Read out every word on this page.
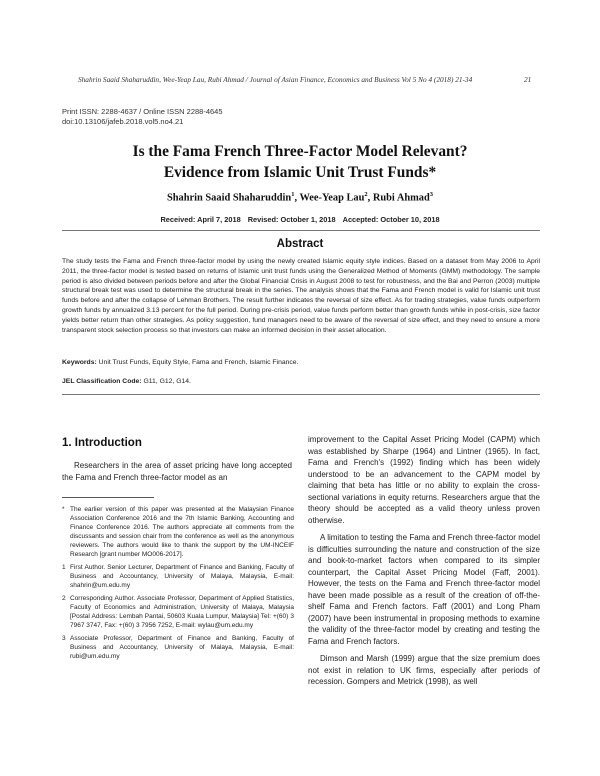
Shahrin Saaid Shaharuddin, Wee-Yeap Lau, Rubi Ahmad / Journal of Asian Finance, Economics and Business Vol 5 No 4 (2018) 21-34	21
Print ISSN: 2288-4637 / Online ISSN 2288-4645
doi:10.13106/jafeb.2018.vol5.no4.21
Is the Fama French Three-Factor Model Relevant?
Evidence from Islamic Unit Trust Funds*
Shahrin Saaid Shaharuddin$^1$, Wee-Yeap Lau$^2$, Rubi Ahmad$^3$
Received: April 7, 2018 Revised: October 1, 2018 Accepted: October 10, 2018
Abstract
The study tests the Fama and French three-factor model by using the newly created Islamic equity style indices. Based on a dataset from May 2006 to April 2011, the three-factor model is tested based on returns of Islamic unit trust funds using the Generalized Method of Moments (GMM) methodology. The sample period is also divided between periods before and after the Global Financial Crisis in August 2008 to test for robustness, and the Bai and Perron (2003) multiple structural break test was used to determine the structural break in the series. The analysis shows that the Fama and French model is valid for Islamic unit trust funds before and after the collapse of Lehman Brothers. The result further indicates the reversal of size effect. As for trading strategies, value funds outperform growth funds by annualized 3.13 percent for the full period. During pre-crisis period, value funds perform better than growth funds while in post-crisis, size factor yields better return than other strategies. As policy suggestion, fund managers need to be aware of the reversal of size effect, and they need to ensure a more transparent stock selection process so that investors can make an informed decision in their asset allocation.
Keywords: Unit Trust Funds, Equity Style, Fama and French, Islamic Finance.
JEL Classification Code: G11, G12, G14.
1. Introduction
Researchers in the area of asset pricing have long accepted the Fama and French three-factor model as an
* The earlier version of this paper was presented at the Malaysian Finance Association Conference 2016 and the 7th Islamic Banking, Accounting and Finance Conference 2016. The authors appreciate all comments from the discussants and session chair from the conference as well as the anonymous reviewers. The authors would like to thank the support by the UM-INCEIF Research [grant number MO006-2017].
1 First Author. Senior Lecturer, Department of Finance and Banking, Faculty of Business and Accountancy, University of Malaya, Malaysia, E-mail: shahrin@um.edu.my
2 Corresponding Author. Associate Professor, Department of Applied Statistics, Faculty of Economics and Administration, University of Malaya, Malaysia [Postal Address: Lembah Pantai, 50603 Kuala Lumpur, Malaysia] Tel: +(60) 3 7967 3747, Fax: +(60) 3 7956 7252, E-mail: wylau@um.edu.my
3 Associate Professor, Department of Finance and Banking, Faculty of Business and Accountancy, University of Malaya, Malaysia, E-mail: rubi@um.edu.my

improvement to the Capital Asset Pricing Model (CAPM) which was established by Sharpe (1964) and Lintner (1965). In fact, Fama and French's (1992) finding which has been widely understood to be an advancement to the CAPM model by claiming that beta has little or no ability to explain the cross-sectional variations in equity returns. Researchers argue that the theory should be accepted as a valid theory unless proven otherwise.

A limitation to testing the Fama and French three-factor model is difficulties surrounding the nature and construction of the size and book-to-market factors when compared to its simpler counterpart, the Capital Asset Pricing Model (Faff, 2001). However, the tests on the Fama and French three-factor model have been made possible as a result of the creation of off-the-shelf Fama and French factors. Faff (2001) and Long Pham (2007) have been instrumental in proposing methods to examine the validity of the three-factor model by creating and testing the Fama and French factors.

Dimson and Marsh (1999) argue that the size premium does not exist in relation to UK firms, especially after periods of recession. Gompers and Metrick (1998), as well
